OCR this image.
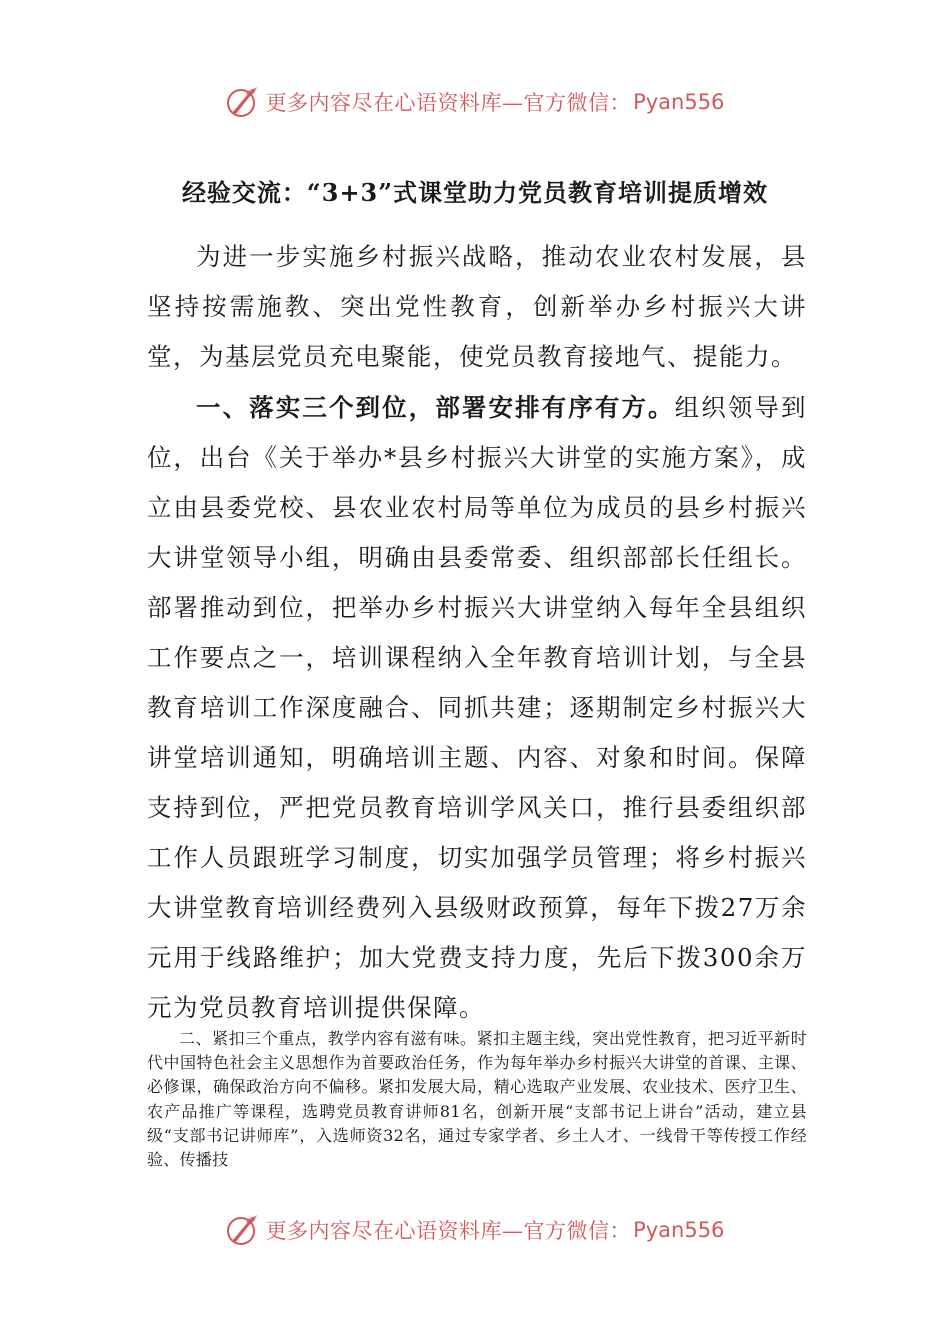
更多内容尽在心语资料库—官方微信： Pyan556
经验交流：“3+3”式课堂助力党员教育培训提质增效

为进一步实施乡村振兴战略，推动农业农村发展，县坚持按需施教、突出党性教育，创新举办乡村振兴大讲堂，为基层党员充电聚能，使党员教育接地气、提能力。

一、落实三个到位，部署安排有序有方。组织领导到位，出台《关于举办*县乡村振兴大讲堂的实施方案》，成立由县委党校、县农业农村局等单位为成员的县乡村振兴大讲堂领导小组，明确由县委常委、组织部部长任组长。部署推动到位，把举办乡村振兴大讲堂纳入每年全县组织工作要点之一，培训课程纳入全年教育培训计划，与全县教育培训工作深度融合、同抓共建；逐期制定乡村振兴大讲堂培训通知，明确培训主题、内容、对象和时间。保障支持到位，严把党员教育培训学风关口，推行县委组织部工作人员跟班学习制度，切实加强学员管理；将乡村振兴大讲堂教育培训经费列入县级财政预算，每年下拨27万余元用于线路维护；加大党费支持力度，先后下拨300余万元为党员教育培训提供保障。

二、紧扣三个重点，教学内容有滋有味。紧扣主题主线，突出党性教育，把习近平新时代中国特色社会主义思想作为首要政治任务，作为每年举办乡村振兴大讲堂的首课、主课、必修课，确保政治方向不偏移。紧扣发展大局，精心选取产业发展、农业技术、医疗卫生、农产品推广等课程，选聘党员教育讲师81名，创新开展“支部书记上讲台”活动，建立县级“支部书记讲师库”，入选师资32名，通过专家学者、乡土人才、一线骨干等传授工作经验、传播技

更多内容尽在心语资料库—官方微信： Pyan556
